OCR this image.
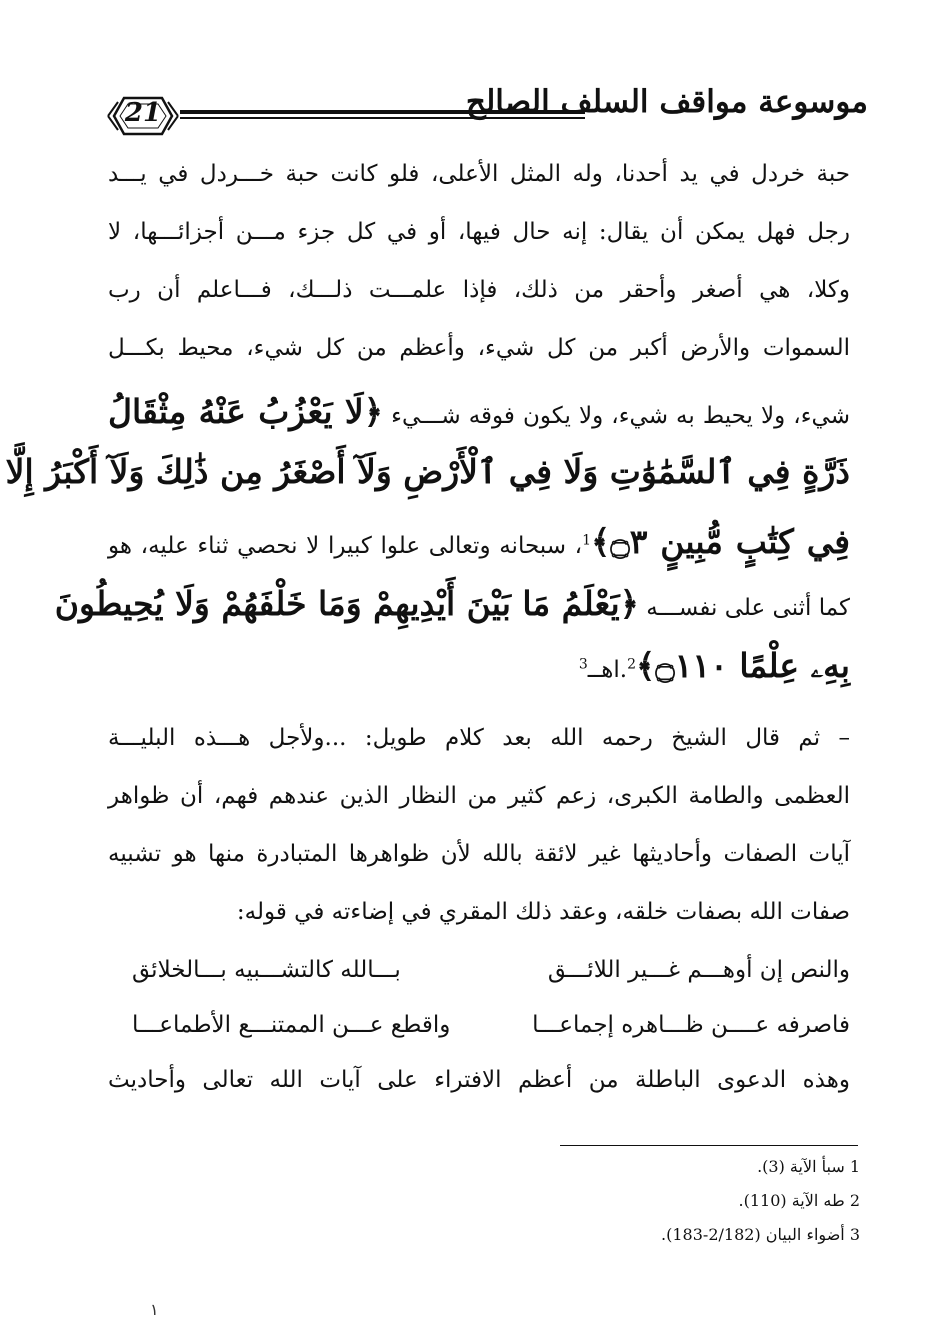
21	موسوعة مواقف السلف الصالح
حبة خردل في يد أحدنا، وله المثل الأعلى، فلو كانت حبة خـــردل في يـــد
رجل فهل يمكن أن يقال: إنه حال فيها، أو في كل جزء مـــن أجزائـــها، لا
وكلا، هي أصغر وأحقر من ذلك، فإذا علمـــت ذلـــك، فـــاعلم أن رب
السموات والأرض أكبر من كل شيء، وأعظم من كل شيء، محيط بكـــل
شيء، ولا يحيط به شيء، ولا يكون فوقه شـــيء ﴿لَا يَعْزُبُ عَنْهُ مِثْقَالُ
ذَرَّةٍ فِي ٱلسَّمَٰوَٰتِ وَلَا فِي ٱلْأَرْضِ وَلَآ أَصْغَرُ مِن ذَٰلِكَ وَلَآ أَكْبَرُ إِلَّا
فِي كِتَٰبٍ مُّبِينٍ ۝٣﴾$^1$، سبحانه وتعالى علوا كبيرا لا نحصي ثناء عليه، هو
كما أثنى على نفســـه ﴿يَعْلَمُ مَا بَيْنَ أَيْدِيهِمْ وَمَا خَلْفَهُمْ وَلَا يُحِيطُونَ
بِهِۦ عِلْمًا ۝١١٠﴾$^2$.اهــ$^3$
– ثم قال الشيخ رحمه الله بعد كلام طويل: ...ولأجل هـــذه البليـــة
العظمى والطامة الكبرى، زعم كثير من النظار الذين عندهم فهم، أن ظواهر
آيات الصفات وأحاديثها غير لائقة بالله لأن ظواهرها المتبادرة منها هو تشبيه
صفات الله بصفات خلقه، وعقد ذلك المقري في إضاءته في قوله:
والنص إن أوهـــم غـــير اللائـــق
بـــالله كالتشـــبيه بـــالخلائق
فاصرفه عــــن ظـــاهره إجماعـــا
واقطع عـــن الممتنـــع الأطماعـــا
وهذه الدعوى الباطلة من أعظم الافتراء على آيات الله تعالى وأحاديث
1 سبأ الآية (3).
2 طه الآية (110).
3 أضواء البيان (2/182-183).
١
